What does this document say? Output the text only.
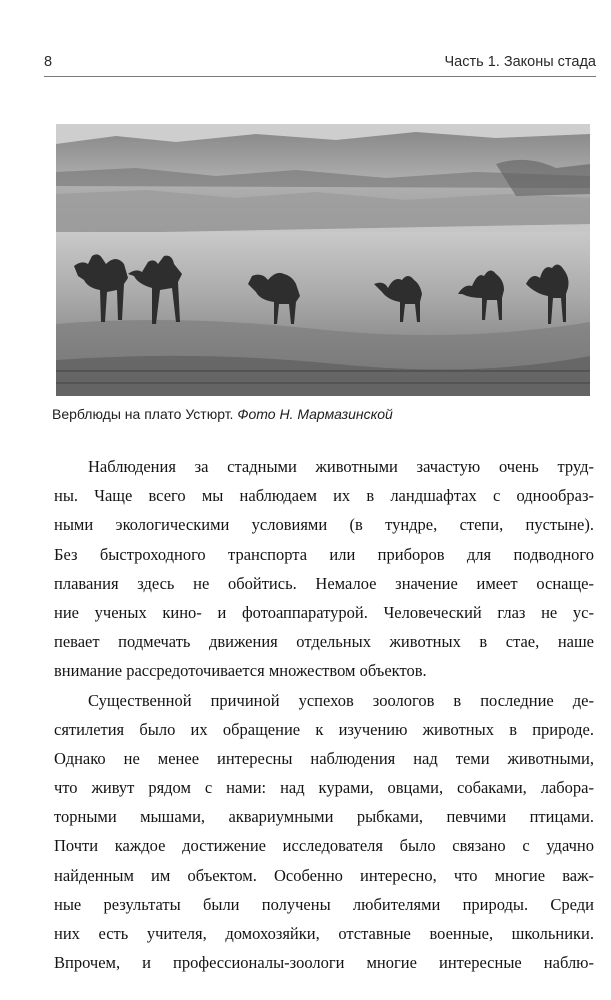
8	Часть 1. Законы стада
Верблюды на плато Устюрт. Фото Н. Мармазинской
Наблюдения за стадными животными зачастую очень труд-
ны. Чаще всего мы наблюдаем их в ландшафтах с однообраз-
ными экологическими условиями (в тундре, степи, пустыне).
Без быстроходного транспорта или приборов для подводного
плавания здесь не обойтись. Немалое значение имеет оснаще-
ние ученых кино- и фотоаппаратурой. Человеческий глаз не ус-
певает подмечать движения отдельных животных в стае, наше
внимание рассредоточивается множеством объектов.
Существенной причиной успехов зоологов в последние де-
сятилетия было их обращение к изучению животных в природе.
Однако не менее интересны наблюдения над теми животными,
что живут рядом с нами: над курами, овцами, собаками, лабора-
торными мышами, аквариумными рыбками, певчими птицами.
Почти каждое достижение исследователя было связано с удачно
найденным им объектом. Особенно интересно, что многие важ-
ные результаты были получены любителями природы. Среди
них есть учителя, домохозяйки, отставные военные, школьники.
Впрочем, и профессионалы-зоологи многие интересные наблю-
